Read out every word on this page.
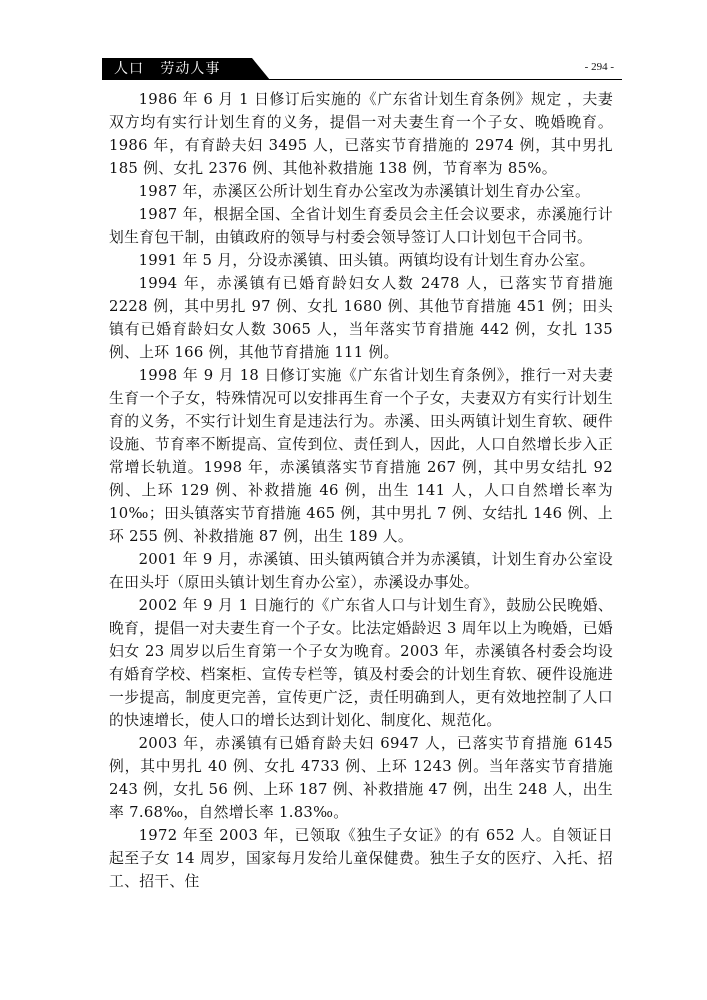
人口   劳动人事	- 294 -

1986 年 6 月 1 日修订后实施的《广东省计划生育条例》规定 ，夫妻双方均有实行计划生育的义务，提倡一对夫妻生育一个子女、晚婚晚育。1986 年，有育龄夫妇 3495 人，已落实节育措施的 2974 例，其中男扎 185 例、女扎 2376 例、其他补救措施 138 例，节育率为 85%。

1987 年，赤溪区公所计划生育办公室改为赤溪镇计划生育办公室。

1987 年，根据全国、全省计划生育委员会主任会议要求，赤溪施行计划生育包干制，由镇政府的领导与村委会领导签订人口计划包干合同书。

1991 年 5 月，分设赤溪镇、田头镇。两镇均设有计划生育办公室。

1994 年，赤溪镇有已婚育龄妇女人数 2478 人，已落实节育措施 2228 例，其中男扎 97 例、女扎 1680 例、其他节育措施 451 例；田头镇有已婚育龄妇女人数 3065 人，当年落实节育措施 442 例，女扎 135 例、上环 166 例，其他节育措施 111 例。

1998 年 9 月 18 日修订实施《广东省计划生育条例》，推行一对夫妻生育一个子女，特殊情况可以安排再生育一个子女，夫妻双方有实行计划生育的义务，不实行计划生育是违法行为。赤溪、田头两镇计划生育软、硬件设施、节育率不断提高、宣传到位、责任到人，因此，人口自然增长步入正常增长轨道。1998 年，赤溪镇落实节育措施 267 例，其中男女结扎 92 例、上环 129 例、补救措施 46 例，出生 141 人，人口自然增长率为 10‰；田头镇落实节育措施 465 例，其中男扎 7 例、女结扎 146 例、上环 255 例、补救措施 87 例，出生 189 人。

2001 年 9 月，赤溪镇、田头镇两镇合并为赤溪镇，计划生育办公室设在田头圩（原田头镇计划生育办公室），赤溪设办事处。

2002 年 9 月 1 日施行的《广东省人口与计划生育》，鼓励公民晚婚、晚育，提倡一对夫妻生育一个子女。比法定婚龄迟 3 周年以上为晚婚，已婚妇女 23 周岁以后生育第一个子女为晚育。2003 年，赤溪镇各村委会均设有婚育学校、档案柜、宣传专栏等，镇及村委会的计划生育软、硬件设施进一步提高，制度更完善，宣传更广泛，责任明确到人，更有效地控制了人口的快速增长，使人口的增长达到计划化、制度化、规范化。

2003 年，赤溪镇有已婚育龄夫妇 6947 人，已落实节育措施 6145 例，其中男扎 40 例、女扎 4733 例、上环 1243 例。当年落实节育措施 243 例，女扎 56 例、上环 187 例、补救措施 47 例，出生 248 人，出生率 7.68‰，自然增长率 1.83‰。

1972 年至 2003 年，已领取《独生子女证》的有 652 人。自领证日起至子女 14 周岁，国家每月发给儿童保健费。独生子女的医疗、入托、招工、招干、住
